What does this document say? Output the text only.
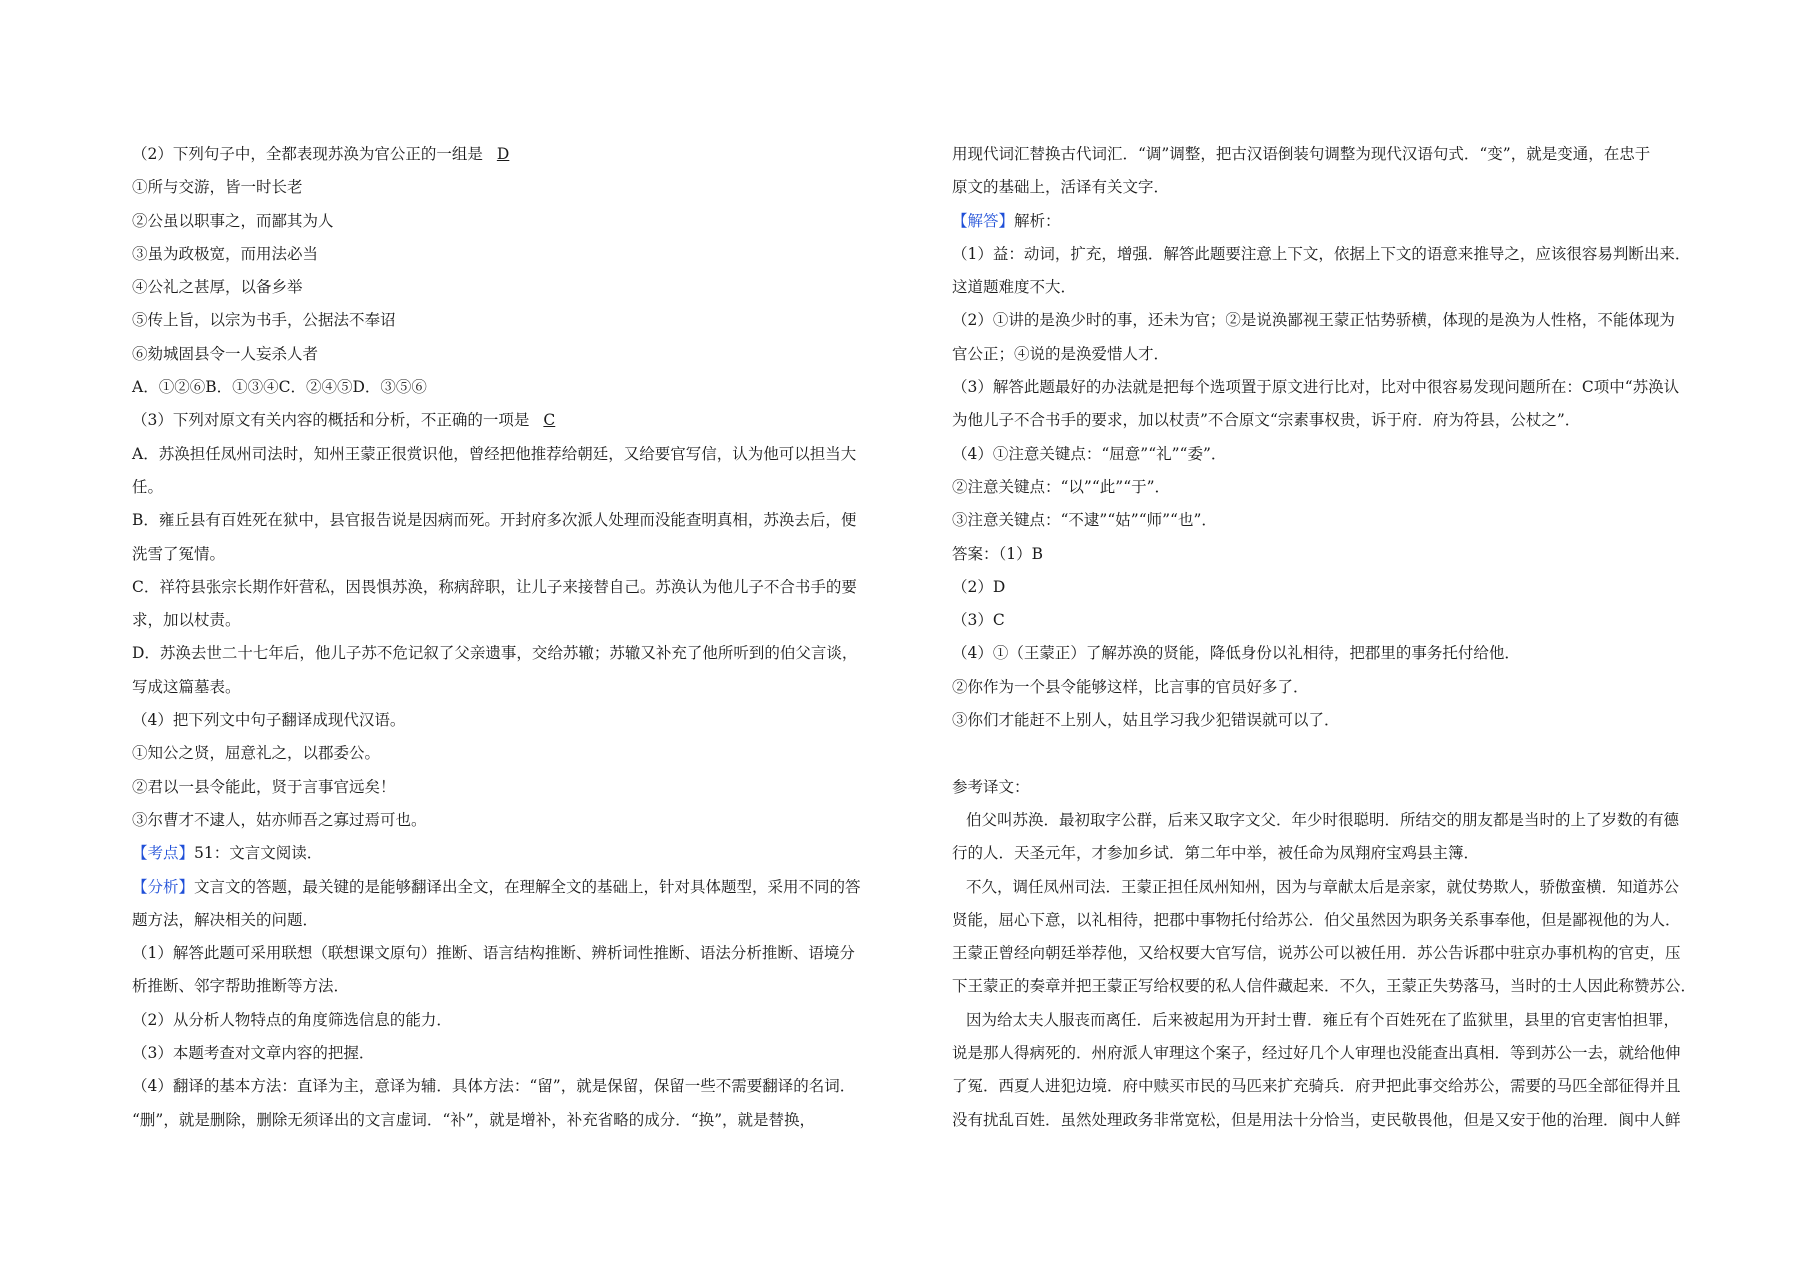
（2）下列句子中，全都表现苏涣为官公正的一组是 D
①所与交游，皆一时长老
②公虽以职事之，而鄙其为人
③虽为政极宽，而用法必当
④公礼之甚厚，以备乡举
⑤传上旨，以宗为书手，公据法不奉诏
⑥劾城固县令一人妄杀人者
A．①②⑥B．①③④C．②④⑤D．③⑤⑥
（3）下列对原文有关内容的概括和分析，不正确的一项是 C
A．苏涣担任凤州司法时，知州王蒙正很赏识他，曾经把他推荐给朝廷，又给要官写信，认为他可以担当大
任。
B．雍丘县有百姓死在狱中，县官报告说是因病而死。开封府多次派人处理而没能查明真相，苏涣去后，便
洗雪了冤情。
C．祥符县张宗长期作奸营私，因畏惧苏涣，称病辞职，让儿子来接替自己。苏涣认为他儿子不合书手的要
求，加以杖责。
D．苏涣去世二十七年后，他儿子苏不危记叙了父亲遗事，交给苏辙；苏辙又补充了他所听到的伯父言谈，
写成这篇墓表。
（4）把下列文中句子翻译成现代汉语。
①知公之贤，屈意礼之，以郡委公。
②君以一县令能此，贤于言事官远矣！
③尔曹才不逮人，姑亦师吾之寡过焉可也。
【考点】51：文言文阅读．
【分析】文言文的答题，最关键的是能够翻译出全文，在理解全文的基础上，针对具体题型，采用不同的答
题方法，解决相关的问题．
（1）解答此题可采用联想（联想课文原句）推断、语言结构推断、辨析词性推断、语法分析推断、语境分
析推断、邻字帮助推断等方法．
（2）从分析人物特点的角度筛选信息的能力．
（3）本题考查对文章内容的把握．
（4）翻译的基本方法：直译为主，意译为辅．具体方法：“留”，就是保留，保留一些不需要翻译的名词．
“删”，就是删除，删除无须译出的文言虚词．“补”，就是增补，补充省略的成分．“换”，就是替换，
用现代词汇替换古代词汇．“调”调整，把古汉语倒装句调整为现代汉语句式．“变”，就是变通，在忠于
原文的基础上，活译有关文字．
【解答】解析：
（1）益：动词，扩充，增强．解答此题要注意上下文，依据上下文的语意来推导之，应该很容易判断出来．
这道题难度不大．
（2）①讲的是涣少时的事，还未为官；②是说涣鄙视王蒙正怙势骄横，体现的是涣为人性格，不能体现为
官公正；④说的是涣爱惜人才．
（3）解答此题最好的办法就是把每个选项置于原文进行比对，比对中很容易发现问题所在：C项中“苏涣认
为他儿子不合书手的要求，加以杖责”不合原文“宗素事权贵，诉于府．府为符县，公杖之”．
（4）①注意关键点：“屈意”“礼”“委”．
②注意关键点：“以”“此”“于”．
③注意关键点：“不逮”“姑”“师”“也”．
答案：（1）B
（2）D
（3）C
（4）①（王蒙正）了解苏涣的贤能，降低身份以礼相待，把郡里的事务托付给他．
②你作为一个县令能够这样，比言事的官员好多了．
③你们才能赶不上别人，姑且学习我少犯错误就可以了．
参考译文：
伯父叫苏涣．最初取字公群，后来又取字文父．年少时很聪明．所结交的朋友都是当时的上了岁数的有德
行的人．天圣元年，才参加乡试．第二年中举，被任命为凤翔府宝鸡县主簿．
不久，调任凤州司法．王蒙正担任凤州知州，因为与章献太后是亲家，就仗势欺人，骄傲蛮横．知道苏公
贤能，屈心下意，以礼相待，把郡中事物托付给苏公．伯父虽然因为职务关系事奉他，但是鄙视他的为人．
王蒙正曾经向朝廷举荐他，又给权要大官写信，说苏公可以被任用．苏公告诉郡中驻京办事机构的官吏，压
下王蒙正的奏章并把王蒙正写给权要的私人信件藏起来．不久，王蒙正失势落马，当时的士人因此称赞苏公．
因为给太夫人服丧而离任．后来被起用为开封士曹．雍丘有个百姓死在了监狱里，县里的官吏害怕担罪，
说是那人得病死的．州府派人审理这个案子，经过好几个人审理也没能查出真相．等到苏公一去，就给他伸
了冤．西夏人进犯边境．府中赎买市民的马匹来扩充骑兵．府尹把此事交给苏公，需要的马匹全部征得并且
没有扰乱百姓．虽然处理政务非常宽松，但是用法十分恰当，吏民敬畏他，但是又安于他的治理．阆中人鲜
